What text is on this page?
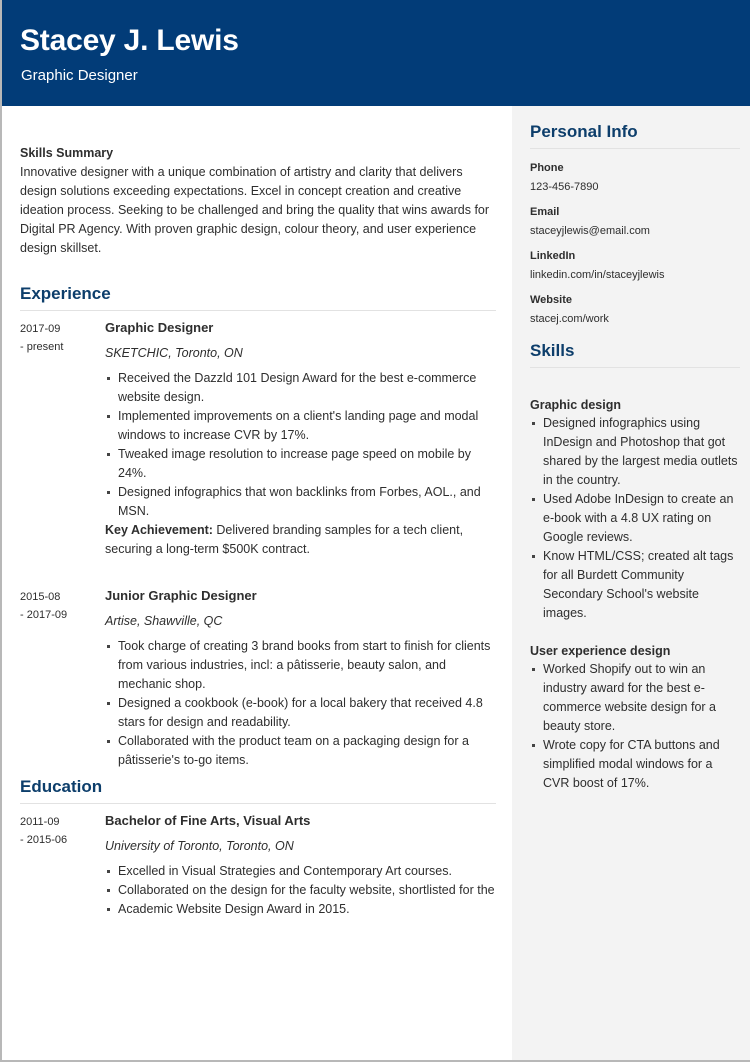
Stacey J. Lewis
Graphic Designer
Personal Info
Phone
123-456-7890
Email
staceyjlewis@email.com
LinkedIn
linkedin.com/in/staceyjlewis
Website
stacej.com/work
Skills
Graphic design
Designed infographics using InDesign and Photoshop that got shared by the largest media outlets in the country.
Used Adobe InDesign to create an e-book with a 4.8 UX rating on Google reviews.
Know HTML/CSS; created alt tags for all Burdett Community Secondary School's website images.
User experience design
Worked Shopify out to win an industry award for the best e-commerce website design for a beauty store.
Wrote copy for CTA buttons and simplified modal windows for a CVR boost of 17%.
Skills Summary
Innovative designer with a unique combination of artistry and clarity that delivers design solutions exceeding expectations. Excel in concept creation and creative ideation process. Seeking to be challenged and bring the quality that wins awards for Digital PR Agency. With proven graphic design, colour theory, and user experience design skillset.
Experience
2017-09
- present
Graphic Designer
SKETCHIC, Toronto, ON
Received the Dazzld 101 Design Award for the best e-commerce website design.
Implemented improvements on a client's landing page and modal windows to increase CVR by 17%.
Tweaked image resolution to increase page speed on mobile by 24%.
Designed infographics that won backlinks from Forbes, AOL., and MSN.
Key Achievement: Delivered branding samples for a tech client, securing a long-term $500K contract.
2015-08
- 2017-09
Junior Graphic Designer
Artise, Shawville, QC
Took charge of creating 3 brand books from start to finish for clients from various industries, incl: a pâtisserie, beauty salon, and mechanic shop.
Designed a cookbook (e-book) for a local bakery that received 4.8 stars for design and readability.
Collaborated with the product team on a packaging design for a pâtisserie's to-go items.
Education
2011-09
- 2015-06
Bachelor of Fine Arts, Visual Arts
University of Toronto, Toronto, ON
Excelled in Visual Strategies and Contemporary Art courses.
Collaborated on the design for the faculty website, shortlisted for the
Academic Website Design Award in 2015.
